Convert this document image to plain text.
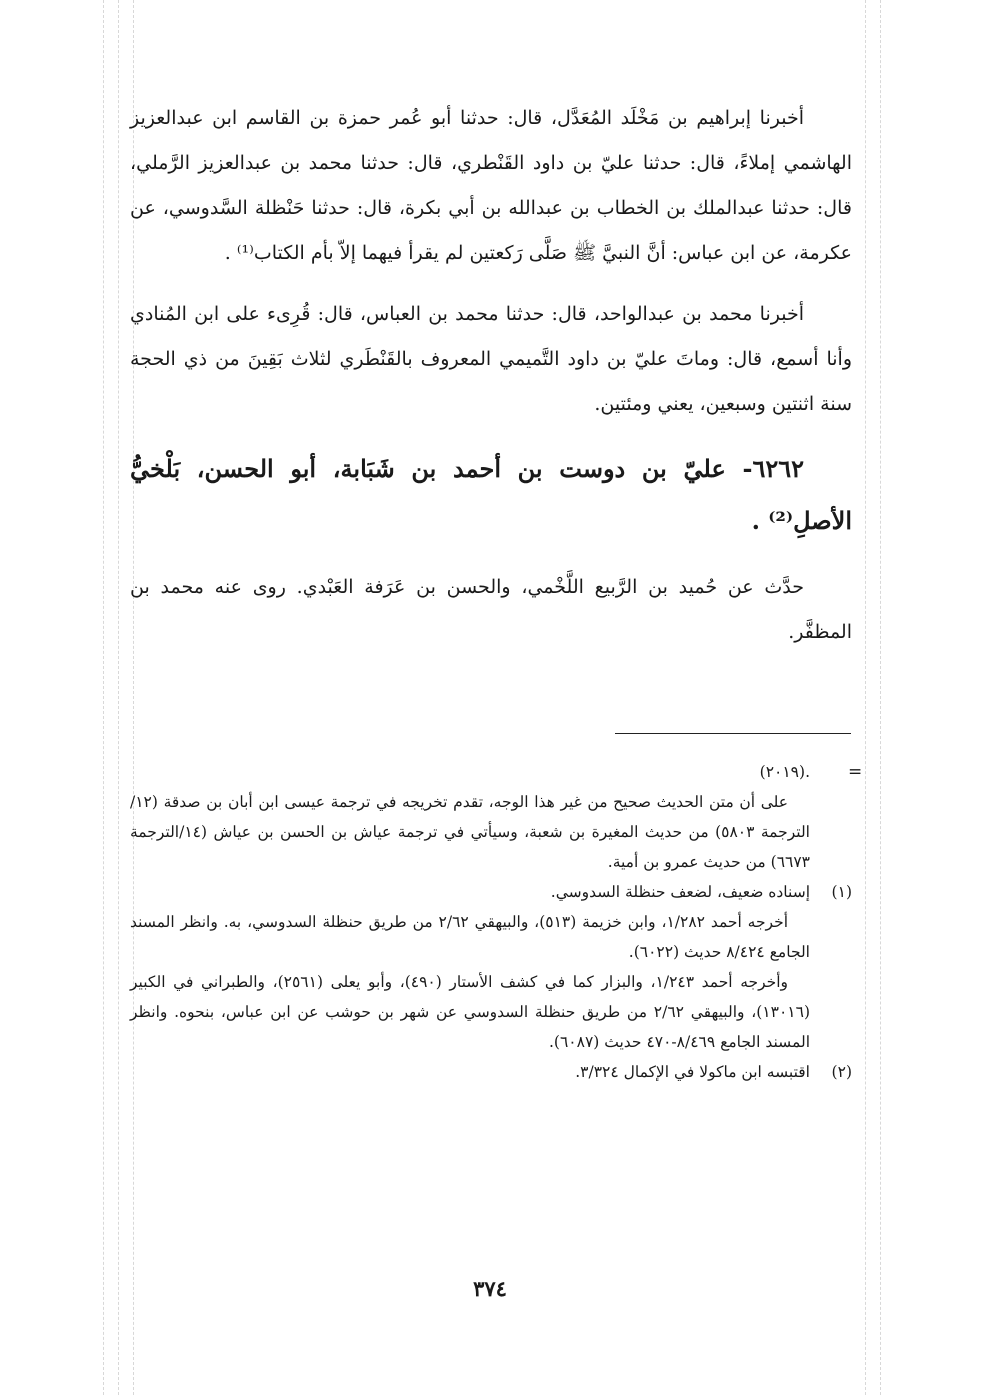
أخبرنا إبراهيم بن مَخْلَد المُعَدَّل، قال: حدثنا أبو عُمر حمزة بن القاسم ابن عبدالعزيز الهاشمي إملاءً، قال: حدثنا عليّ بن داود القَنْطري، قال: حدثنا محمد بن عبدالعزيز الرَّملي، قال: حدثنا عبدالملك بن الخطاب بن عبدالله بن أبي بكرة، قال: حدثنا حَنْظلة السَّدوسي، عن عكرمة، عن ابن عباس: أنَّ النبيَّ ﷺ صَلَّى رَكعتين لم يقرأ فيهما إلاّ بأم الكتاب⁽¹⁾ .

أخبرنا محمد بن عبدالواحد، قال: حدثنا محمد بن العباس، قال: قُرِىء على ابن المُنادي وأنا أسمع، قال: وماتَ عليّ بن داود التَّميمي المعروف بالقَنْطَري لثلاث بَقِينَ من ذي الحجة سنة اثنتين وسبعين، يعني ومئتين.

٦٢٦٢- عليّ بن دوست بن أحمد بن شَبَابة، أبو الحسن، بَلْخيُّ الأصلِ⁽²⁾ .

حدَّث عن حُميد بن الرَّبيع اللَّخْمي، والحسن بن عَرَفة العَبْدي. روى عنه محمد بن المظفَّر.

=

.(٢٠١٩)

على أن متن الحديث صحيح من غير هذا الوجه، تقدم تخريجه في ترجمة عيسى ابن أبان بن صدقة (١٢/الترجمة ٥٨٠٣) من حديث المغيرة بن شعبة، وسيأتي في ترجمة عياش بن الحسن بن عياش (١٤/الترجمة ٦٦٧٣) من حديث عمرو بن أمية.

(١)

إسناده ضعيف، لضعف حنظلة السدوسي.

أخرجه أحمد ١/٢٨٢، وابن خزيمة (٥١٣)، والبيهقي ٢/٦٢ من طريق حنظلة السدوسي، به. وانظر المسند الجامع ٨/٤٢٤ حديث (٦٠٢٢).

وأخرجه أحمد ١/٢٤٣، والبزار كما في كشف الأستار (٤٩٠)، وأبو يعلى (٢٥٦١)، والطبراني في الكبير (١٣٠١٦)، والبيهقي ٢/٦٢ من طريق حنظلة السدوسي عن شهر بن حوشب عن ابن عباس، بنحوه. وانظر المسند الجامع ٨/٤٦٩-٤٧٠ حديث (٦٠٨٧).

(٢)

اقتبسه ابن ماكولا في الإكمال ٣/٣٢٤.

٣٧٤
